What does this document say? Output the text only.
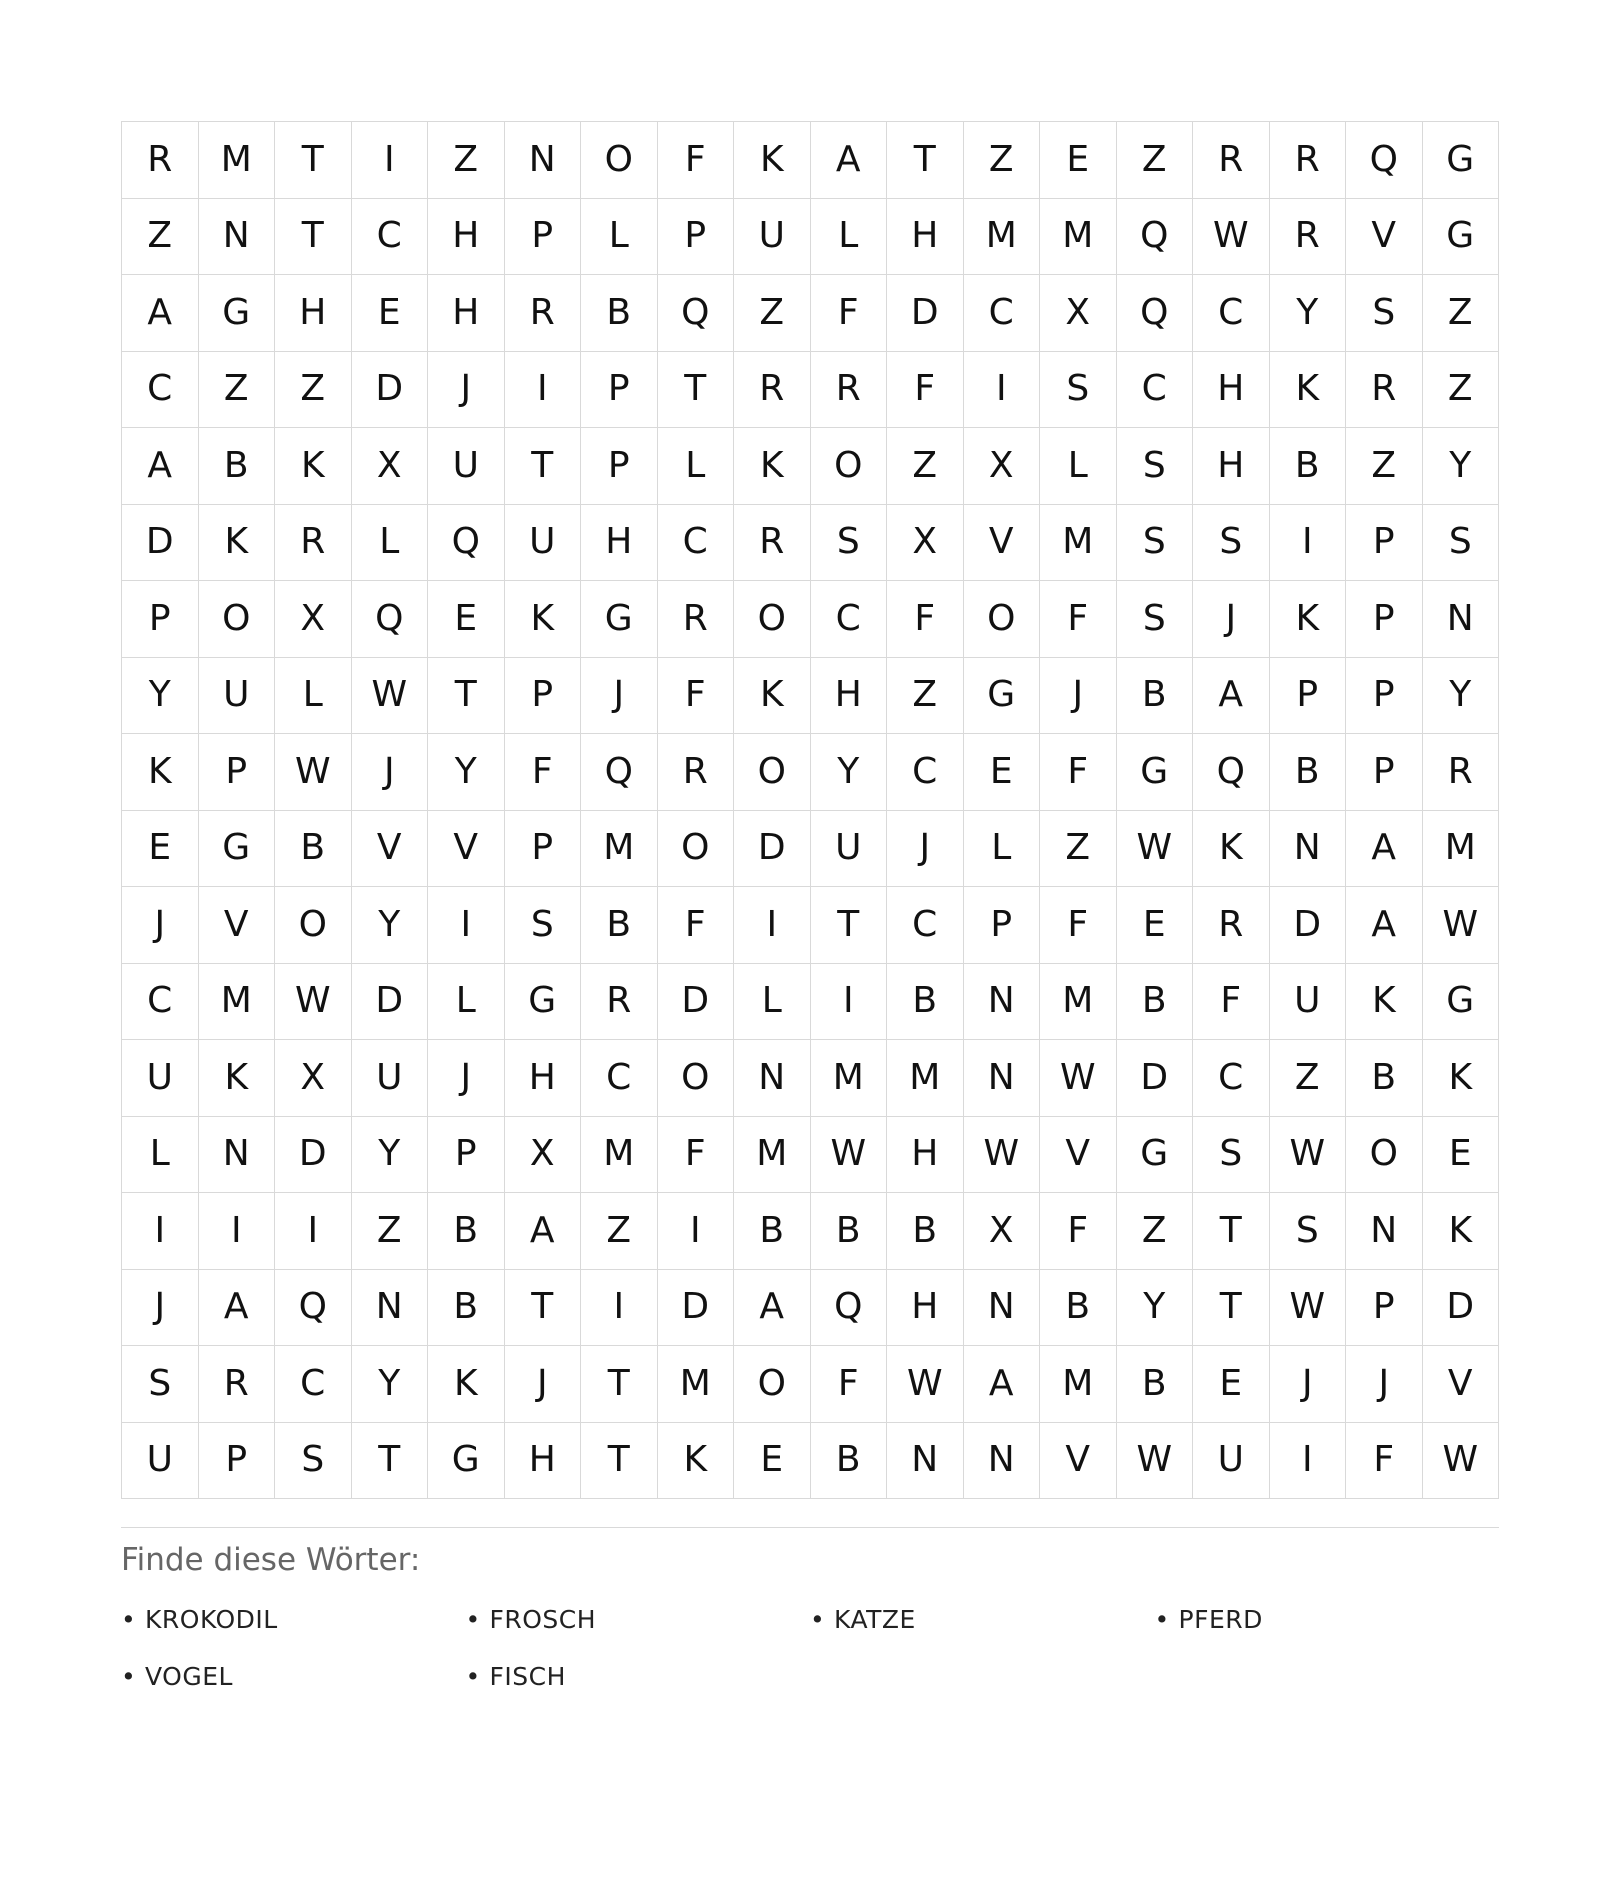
R	M	T	I	Z	N	O	F	K	A	T	Z	E	Z	R	R	Q	G
Z	N	T	C	H	P	L	P	U	L	H	M	M	Q	W	R	V	G
A	G	H	E	H	R	B	Q	Z	F	D	C	X	Q	C	Y	S	Z
C	Z	Z	D	J	I	P	T	R	R	F	I	S	C	H	K	R	Z
A	B	K	X	U	T	P	L	K	O	Z	X	L	S	H	B	Z	Y
D	K	R	L	Q	U	H	C	R	S	X	V	M	S	S	I	P	S
P	O	X	Q	E	K	G	R	O	C	F	O	F	S	J	K	P	N
Y	U	L	W	T	P	J	F	K	H	Z	G	J	B	A	P	P	Y
K	P	W	J	Y	F	Q	R	O	Y	C	E	F	G	Q	B	P	R
E	G	B	V	V	P	M	O	D	U	J	L	Z	W	K	N	A	M
J	V	O	Y	I	S	B	F	I	T	C	P	F	E	R	D	A	W
C	M	W	D	L	G	R	D	L	I	B	N	M	B	F	U	K	G
U	K	X	U	J	H	C	O	N	M	M	N	W	D	C	Z	B	K
L	N	D	Y	P	X	M	F	M	W	H	W	V	G	S	W	O	E
I	I	I	Z	B	A	Z	I	B	B	B	X	F	Z	T	S	N	K
J	A	Q	N	B	T	I	D	A	Q	H	N	B	Y	T	W	P	D
S	R	C	Y	K	J	T	M	O	F	W	A	M	B	E	J	J	V
U	P	S	T	G	H	T	K	E	B	N	N	V	W	U	I	F	W
Finde diese Wörter:
• KROKODIL	• FROSCH	• KATZE	• PFERD
• VOGEL	• FISCH
